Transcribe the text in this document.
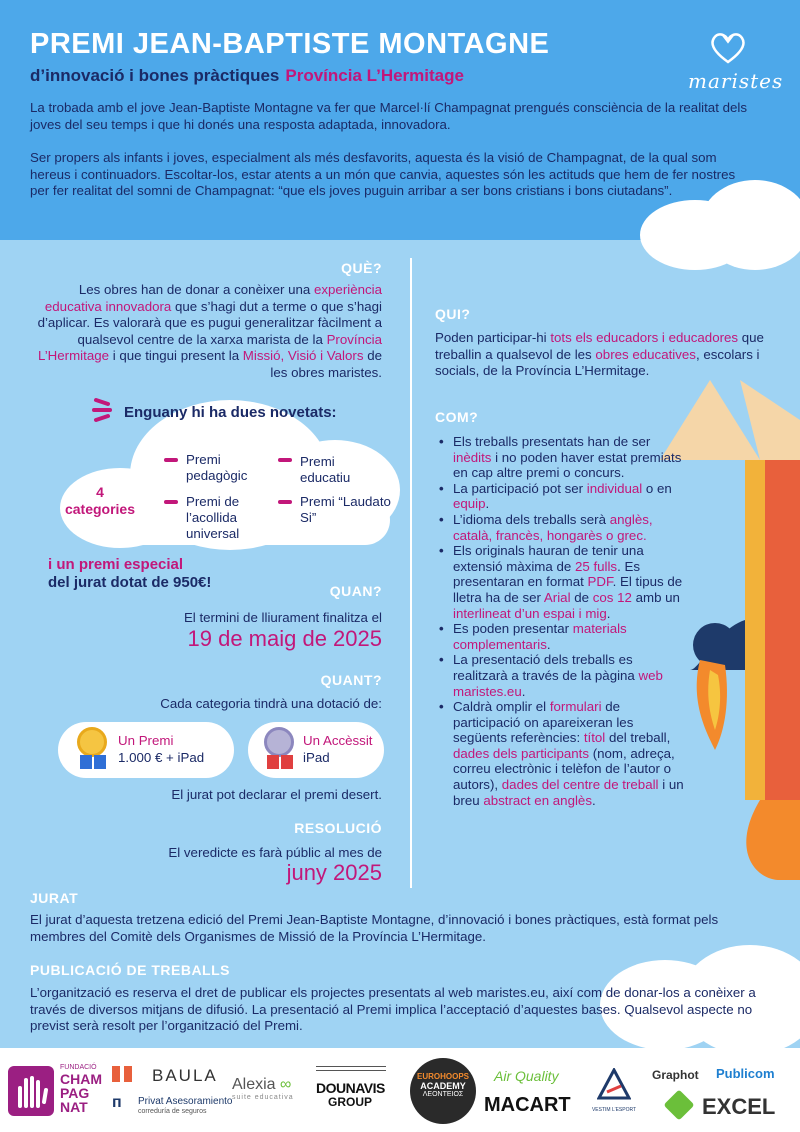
PREMI JEAN-BAPTISTE MONTAGNE
d’innovació i bones pràctiques Província L’Hermitage	maristes
La trobada amb el jove Jean-Baptiste Montagne va fer que Marcel·lí Champagnat prengués consciència de la realitat dels joves del seu temps i que hi donés una resposta adaptada, innovadora.
Ser propers als infants i joves, especialment als més desfavorits, aquesta és la visió de Champagnat, de la qual som hereus i continuadors. Escoltar-los, estar atents a un món que canvia, aquestes són les actituds que hem de fer nostres per fer realitat del somni de Champagnat: “que els joves puguin arribar a ser bons cristians i bons ciutadans”.
QUÈ?
Les obres han de donar a conèixer una experiència educativa innovadora que s’hagi dut a terme o que s’hagi d’aplicar. Es valorarà que es pugui generalitzar fàcilment a qualsevol centre de la xarxa marista de la Província L’Hermitage i que tingui present la Missió, Visió i Valors de les obres maristes.
Enguany hi ha dues novetats:
4
categories
Premi pedagògic
Premi educatiu
Premi de l’acollida universal
Premi “Laudato Si”
i un premi especial
del jurat dotat de 950€!	QUAN?
El termini de lliurament finalitza el
19 de maig de 2025
QUANT?
Cada categoria tindrà una dotació de:
Un Premi
1.000 € + iPad
Un Accèssit
iPad
El jurat pot declarar el premi desert.
RESOLUCIÓ
El veredicte es farà públic al mes de
juny 2025
QUI?
Poden participar-hi tots els educadors i educadores que treballin a qualsevol de les obres educatives, escolars i socials, de la Província L’Hermitage.
COM?
• Els treballs presentats han de ser inèdits i no poden haver estat premiats en cap altre premi o concurs.
• La participació pot ser individual o en equip.
• L’idioma dels treballs serà anglès, català, francès, hongarès o grec.
• Els originals hauran de tenir una extensió màxima de 25 fulls. Es presentaran en format PDF. El tipus de lletra ha de ser Arial de cos 12 amb un interlineat d’un espai i mig.
• Es poden presentar materials complementaris.
• La presentació dels treballs es realitzarà a través de la pàgina web maristes.eu.
• Caldrà omplir el formulari de participació on apareixeran les següents referències: títol del treball, dades dels participants (nom, adreça, correu electrònic i telèfon de l’autor o autors), dades del centre de treball i un breu abstract en anglès.
JURAT
El jurat d’aquesta tretzena edició del Premi Jean-Baptiste Montagne, d’innovació i bones pràctiques, està format pels membres del Comitè dels Organismes de Missió de la Província L’Hermitage.
PUBLICACIÓ DE TREBALLS
L’organització es reserva el dret de publicar els projectes presentats al web maristes.eu, així com de donar-los a conèixer a través de diversos mitjans de difusió. La presentació al Premi implica l’acceptació d’aquestes bases. Qualsevol aspecte no previst serà resolt per l’organització del Premi.
FUNDACIÓ
CHAM
PAG
NAT
BAULA
ᴨ Privat Asesoramiento
correduría de seguros
Alexia ∞
suite educativa
DOUNAVIS
GROUP
EUROHOOPS
ACADEMY
ΛΕΟΝΤΕΙΟΣ
Air Quality
MACART	VESTIM L’ESPORT
Graphot Publicom
EXCEL
